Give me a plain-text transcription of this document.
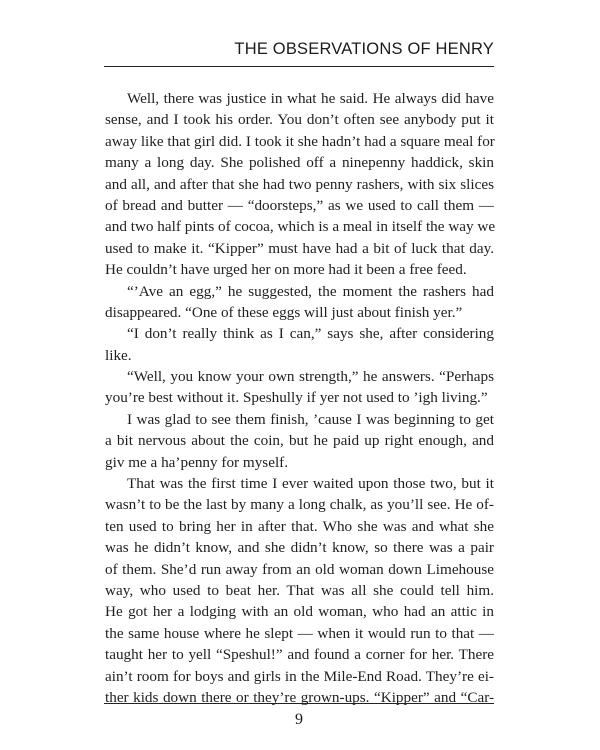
THE OBSERVATIONS OF HENRY
Well, there was justice in what he said. He always did have
sense, and I took his order. You don’t often see anybody put it
away like that girl did. I took it she hadn’t had a square meal for
many a long day. She polished off a ninepenny haddick, skin
and all, and after that she had two penny rashers, with six slices
of bread and butter — “doorsteps,” as we used to call them —
and two half pints of cocoa, which is a meal in itself the way we
used to make it. “Kipper” must have had a bit of luck that day.
He couldn’t have urged her on more had it been a free feed.
“’Ave an egg,” he suggested, the moment the rashers had
disappeared. “One of these eggs will just about finish yer.”
“I don’t really think as I can,” says she, after considering
like.
“Well, you know your own strength,” he answers. “Perhaps
you’re best without it. Speshully if yer not used to ’igh living.”
I was glad to see them finish, ’cause I was beginning to get
a bit nervous about the coin, but he paid up right enough, and
giv me a ha’penny for myself.
That was the first time I ever waited upon those two, but it
wasn’t to be the last by many a long chalk, as you’ll see. He of-
ten used to bring her in after that. Who she was and what she
was he didn’t know, and she didn’t know, so there was a pair
of them. She’d run away from an old woman down Limehouse
way, who used to beat her. That was all she could tell him.
He got her a lodging with an old woman, who had an attic in
the same house where he slept — when it would run to that —
taught her to yell “Speshul!” and found a corner for her. There
ain’t room for boys and girls in the Mile-End Road. They’re ei-
ther kids down there or they’re grown-ups. “Kipper” and “Car-
9
